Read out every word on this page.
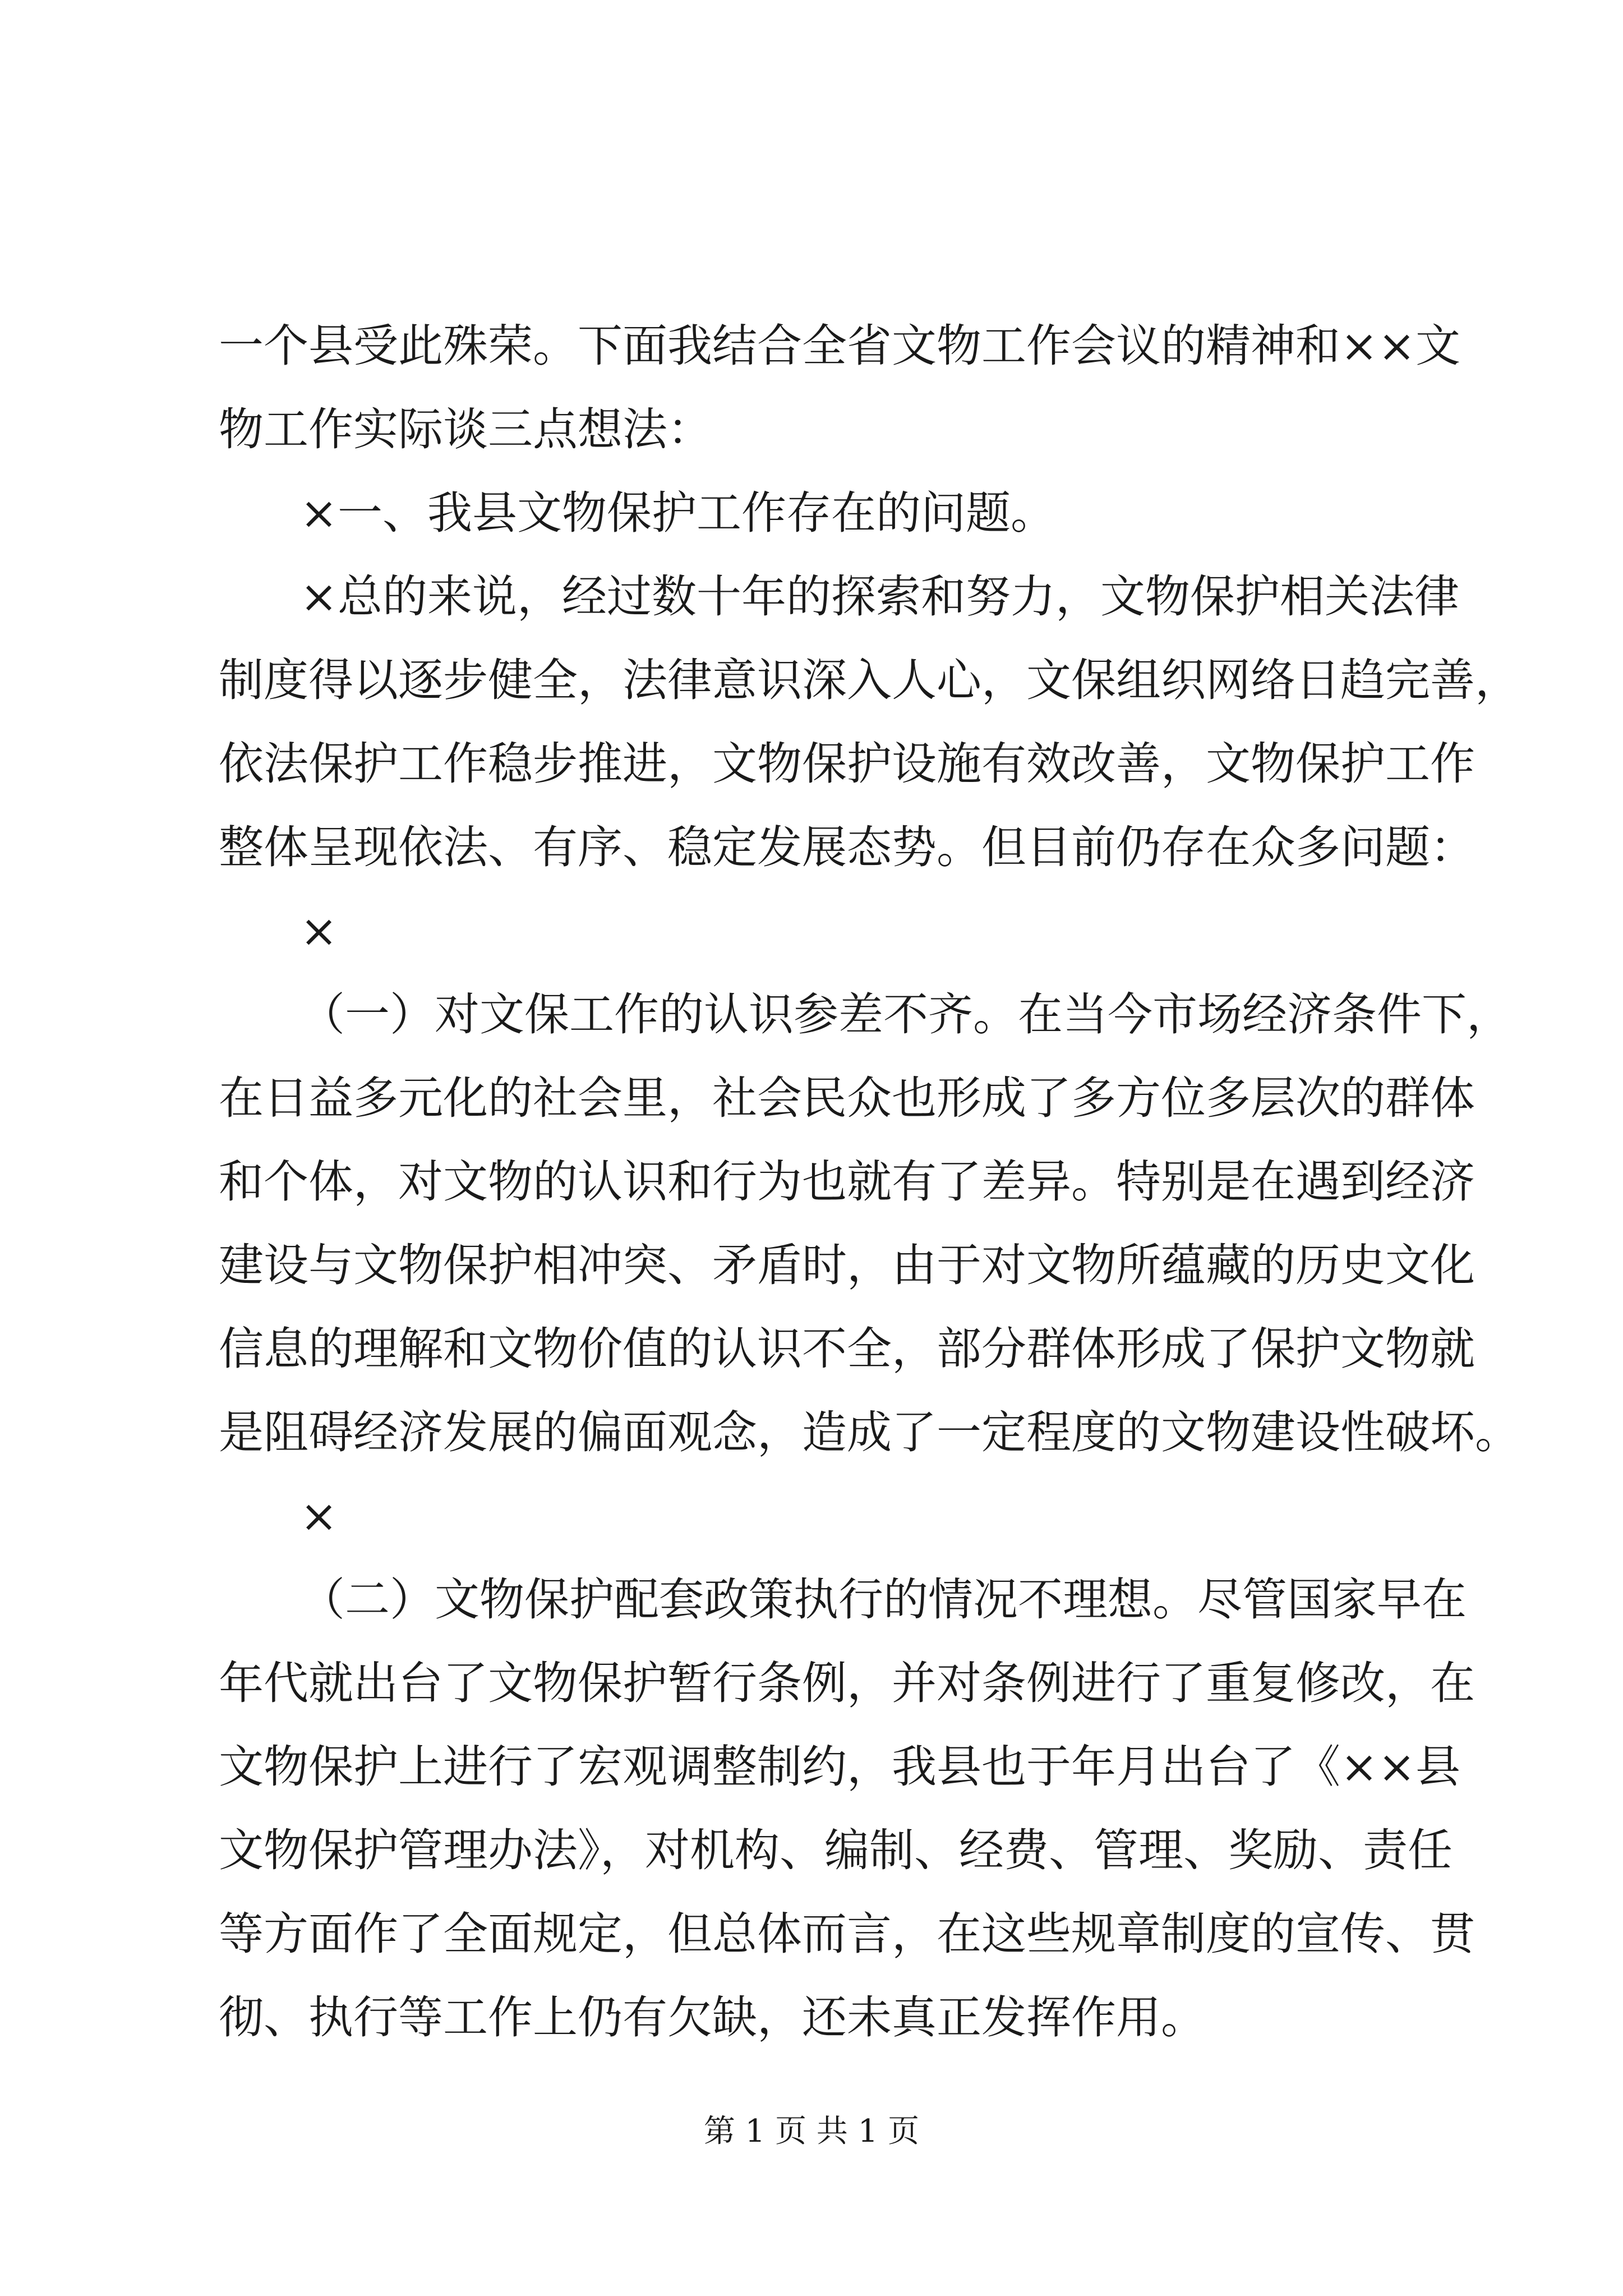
一个县受此殊荣。下面我结合全省文物工作会议的精神和××文
物工作实际谈三点想法：
×一、我县文物保护工作存在的问题。
×总的来说，经过数十年的探索和努力，文物保护相关法律
制度得以逐步健全，法律意识深入人心，文保组织网络日趋完善，
依法保护工作稳步推进，文物保护设施有效改善，文物保护工作
整体呈现依法、有序、稳定发展态势。但目前仍存在众多问题：
×
（一）对文保工作的认识参差不齐。在当今市场经济条件下，
在日益多元化的社会里，社会民众也形成了多方位多层次的群体
和个体，对文物的认识和行为也就有了差异。特别是在遇到经济
建设与文物保护相冲突、矛盾时，由于对文物所蕴藏的历史文化
信息的理解和文物价值的认识不全，部分群体形成了保护文物就
是阻碍经济发展的偏面观念，造成了一定程度的文物建设性破坏。
×
（二）文物保护配套政策执行的情况不理想。尽管国家早在
年代就出台了文物保护暂行条例，并对条例进行了重复修改，在
文物保护上进行了宏观调整制约，我县也于年月出台了《××县
文物保护管理办法》，对机构、编制、经费、管理、奖励、责任
等方面作了全面规定，但总体而言，在这些规章制度的宣传、贯
彻、执行等工作上仍有欠缺，还未真正发挥作用。
第 1 页 共 1 页
